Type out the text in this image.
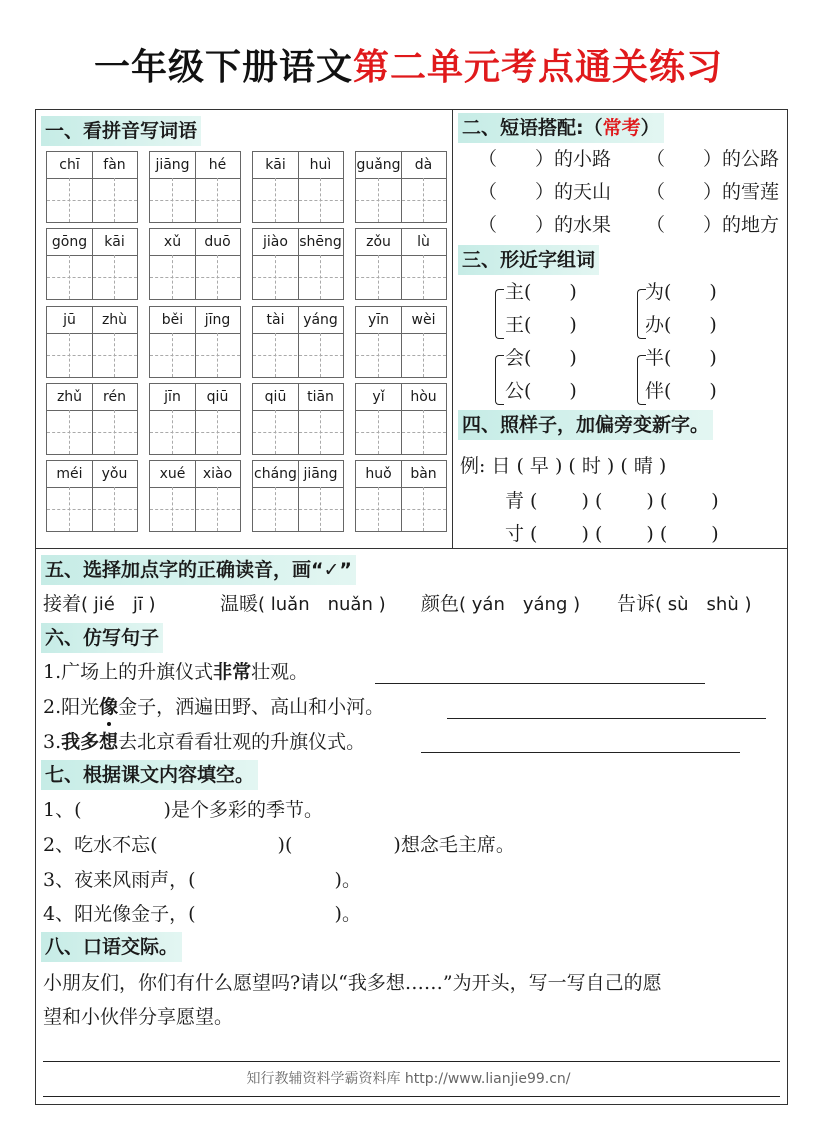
一年级下册语文第二单元考点通关练习
一、看拼音写词语
chī	fàn	jiāng	hé	kāi	huì	guǎng	dà
gōng	kāi	xǔ	duō	jiào shēng	zǒu	lù
jū	zhù	běi	jīng	tài	yáng	yīn	wèi
zhǔ	rén	jīn	qiū	qiū	tiān	yǐ	hòu
méi	yǒu	xué	xiào	cháng jiāng	huǒ	bàn
二、短语搭配:（常考）
（　　）的小路 （　　）的公路
（　　）的天山 （　　）的雪莲
（　　）的水果 （　　）的地方
三、形近字组词
主(　　)
王(　　)
为(　　)
办(　　)
会(　　)
公(　　)
半(　　)
伴(　　)
四、照样子，加偏旁变新字。
例: 日 ( 早 ) ( 时 ) ( 晴 )
青 (　　 ) (　　 ) (　　 )
寸 (　　 ) (　　 ) (　　 )
五、选择加点字的正确读音，画“✓”
接着( jié　jī )	温暖( luǎn　nuǎn ) 颜色( yán　yáng ) 告诉( sù　shù )
六、仿写句子
1.广场上的升旗仪式非常壮观。
2.阳光像金子，洒遍田野、高山和小河。
3.我多想去北京看看壮观的升旗仪式。
七、根据课文内容填空。
1、(　　　　 )是个多彩的季节。
2、吃水不忘(　　　　　　 )(　　　　　 )想念毛主席。
3、夜来风雨声，(　　　　　　　 )。
4、阳光像金子，(　　　　　　　 )。
八、口语交际。
小朋友们，你们有什么愿望吗?请以“我多想……”为开头，写一写自己的愿
望和小伙伴分享愿望。
知行教辅资料学霸资料库 http://www.lianjie99.cn/
